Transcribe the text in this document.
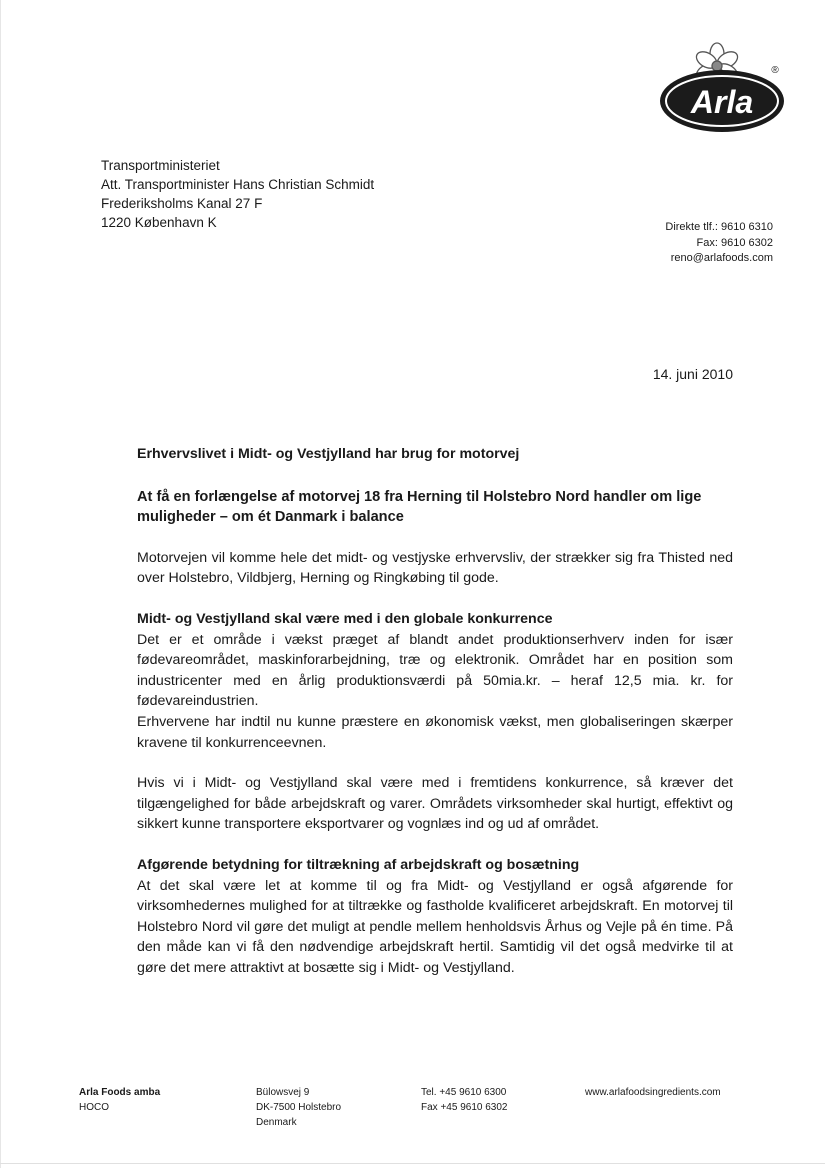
Arla
®
Transportministeriet
Att. Transportminister Hans Christian Schmidt
Frederiksholms Kanal 27 F
1220 København K	Direkte tlf.: 9610 6310
Fax: 9610 6302
reno@arlafoods.com
14. juni 2010

Erhvervslivet i Midt- og Vestjylland har brug for motorvej

At få en forlængelse af motorvej 18 fra Herning til Holstebro Nord handler om lige muligheder – om ét Danmark i balance

Motorvejen vil komme hele det midt- og vestjyske erhvervsliv, der strækker sig fra Thisted ned over Holstebro, Vildbjerg, Herning og Ringkøbing til gode.

Midt- og Vestjylland skal være med i den globale konkurrence

Det er et område i vækst præget af blandt andet produktionserhverv inden for især fødevareområdet, maskinforarbejdning, træ og elektronik. Området har en position som industricenter med en årlig produktionsværdi på 50mia.kr. – heraf 12,5 mia. kr. for fødevareindustrien.

Erhvervene har indtil nu kunne præstere en økonomisk vækst, men globaliseringen skærper kravene til konkurrenceevnen.

Hvis vi i Midt- og Vestjylland skal være med i fremtidens konkurrence, så kræver det tilgængelighed for både arbejdskraft og varer. Områdets virksomheder skal hurtigt, effektivt og sikkert kunne transportere eksportvarer og vognlæs ind og ud af området.

Afgørende betydning for tiltrækning af arbejdskraft og bosætning

At det skal være let at komme til og fra Midt- og Vestjylland er også afgørende for virksomhedernes mulighed for at tiltrække og fastholde kvalificeret arbejdskraft. En motorvej til Holstebro Nord vil gøre det muligt at pendle mellem henholdsvis Århus og Vejle på én time. På den måde kan vi få den nødvendige arbejdskraft hertil. Samtidig vil det også medvirke til at gøre det mere attraktivt at bosætte sig i Midt- og Vestjylland.

Arla Foods amba
HOCO
Bülowsvej 9
DK-7500 Holstebro
Denmark
Tel. +45 9610 6300
Fax +45 9610 6302
www.arlafoodsingredients.com
